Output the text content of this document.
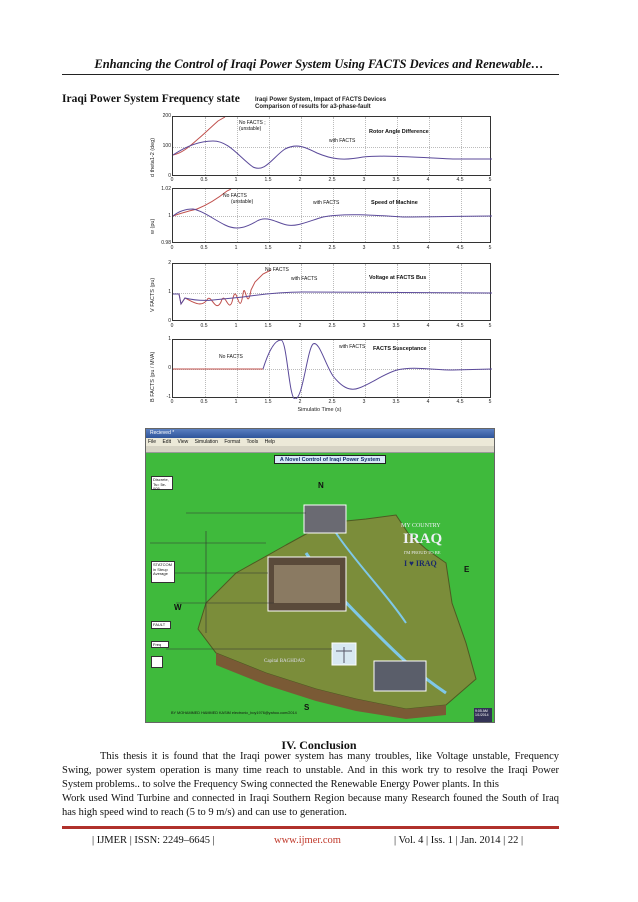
Enhancing the Control of Iraqi Power System Using FACTS Devices and Renewable…
Iraqi Power System Frequency state	Iraqi Power System, Impact of FACTS Devices
Comparison of results for a3-phase-fault
d theta1-2 (deg)
200
100
0
No FACTS ;
(unstable)
with FACTS
Rotor Angle Difference
0	0.5	1	1.5	2	2.5	3	3.5	4	4.5	5
w (pu)
1.02
1
0.98
No FACTS
(unstable)	with FACTS	Speed of Machine
0	0.5	1	1.5	2	2.5	3	3.5	4	4.5	5
V FACTS (pu)
2
1
0
No FACTS
with FACTS	Voltage at FACTS Bus
0	0.5	1	1.5	2	2.5	3	3.5	4	4.5	5
B FACTS (pu / MVA)
1
0
-1
No FACTS
with FACTS FACTS Susceptance
0	0.5	1	1.5	2	2.5	3	3.5	4	4.5	5
Simulatio Time (s)
Recieved *
File Edit View Simulation Format Tools Help
A Novel Control of Iraqi Power System
Discrete, Ts= 5e-005
STATCOM in Steup Average
FAULT
Freq
N
S
E
W
MY COUNTRY
IRAQ
I'M PROUD TO BE
I ♥ IRAQ
Capital BAGHDAD
BY MOHAMMED HAMMED KASIM electronic_boy1976@yahoo.com/2014	9:05 AM 1/1/2014
IV. Conclusion
This thesis it is found that the Iraqi power system has many troubles, like Voltage unstable, Frequency Swing, power system operation is many time reach to unstable. And in this work try to resolve the Iraqi Power System problems.. to solve the Frequency Swing connected the Renewable Energy Power plants. In this
Work used Wind Turbine and connected in Iraqi Southern Region because many Research founed the South of Iraq has high speed wind to reach (5 to 9 m/s) and can use to generation.
| IJMER | ISSN: 2249–6645 |	www.ijmer.com	| Vol. 4 | Iss. 1 | Jan. 2014 | 22 |
